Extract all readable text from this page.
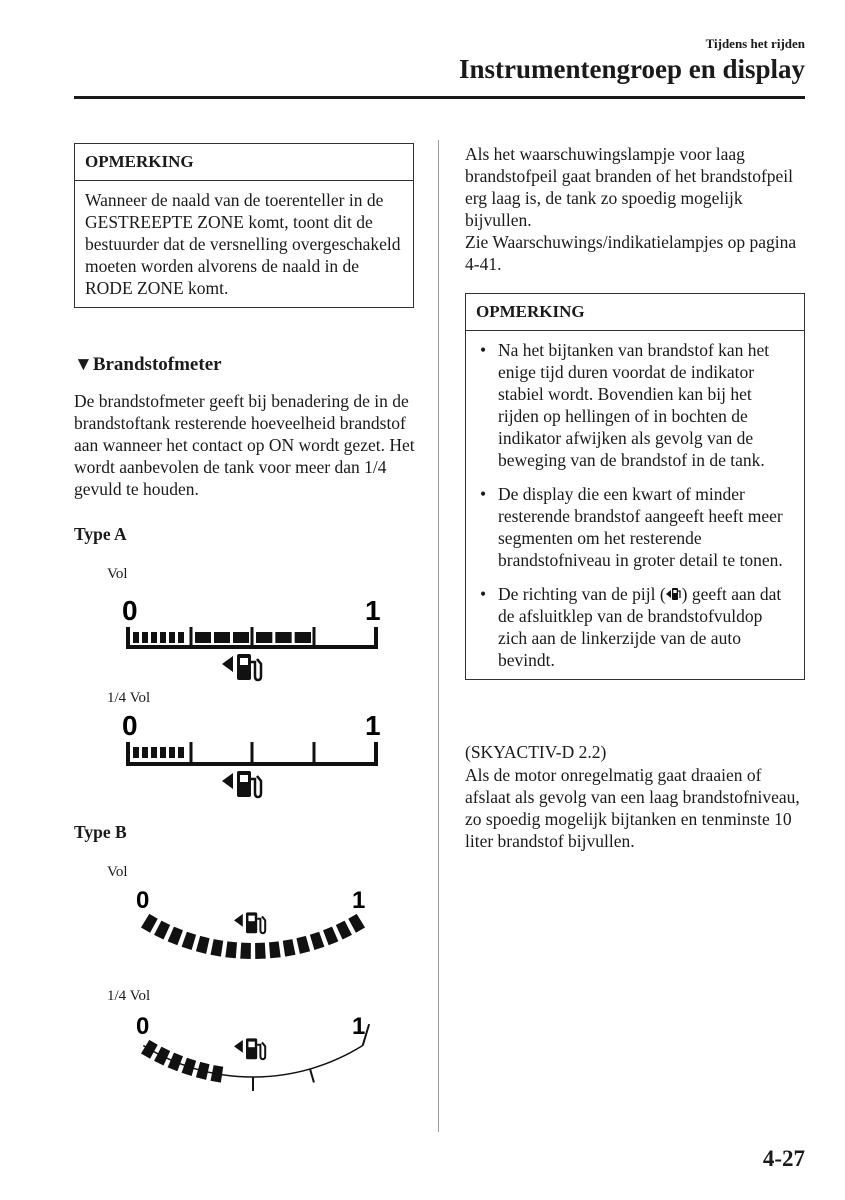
Tijdens het rijden
Instrumentengroep en display
OPMERKING
Wanneer de naald van de toerenteller in de GESTREEPTE ZONE komt, toont dit de bestuurder dat de versnelling overgeschakeld moeten worden alvorens de naald in de RODE ZONE komt.
▼Brandstofmeter
De brandstofmeter geeft bij benadering de in de brandstoftank resterende hoeveelheid brandstof aan wanneer het contact op ON wordt gezet. Het wordt aanbevolen de tank voor meer dan 1/4 gevuld te houden.
Type A
Vol
0	1
1/4 Vol
0	1
Type B
Vol
0	1
1/4 Vol
0	1
Als het waarschuwingslampje voor laag brandstofpeil gaat branden of het brandstofpeil erg laag is, de tank zo spoedig mogelijk bijvullen.
Zie Waarschuwings/indikatielampjes op pagina 4-41.
OPMERKING
• Na het bijtanken van brandstof kan het enige tijd duren voordat de indikator stabiel wordt. Bovendien kan bij het rijden op hellingen of in bochten de indikator afwijken als gevolg van de beweging van de brandstof in de tank.
• De display die een kwart of minder resterende brandstof aangeeft heeft meer segmenten om het resterende brandstofniveau in groter detail te tonen.
• De richting van de pijl ( ) geeft aan dat de afsluitklep van de brandstofvuldop zich aan de linkerzijde van de auto bevindt.
(SKYACTIV-D 2.2)
Als de motor onregelmatig gaat draaien of afslaat als gevolg van een laag brandstofniveau, zo spoedig mogelijk bijtanken en tenminste 10 liter brandstof bijvullen.
4-27
